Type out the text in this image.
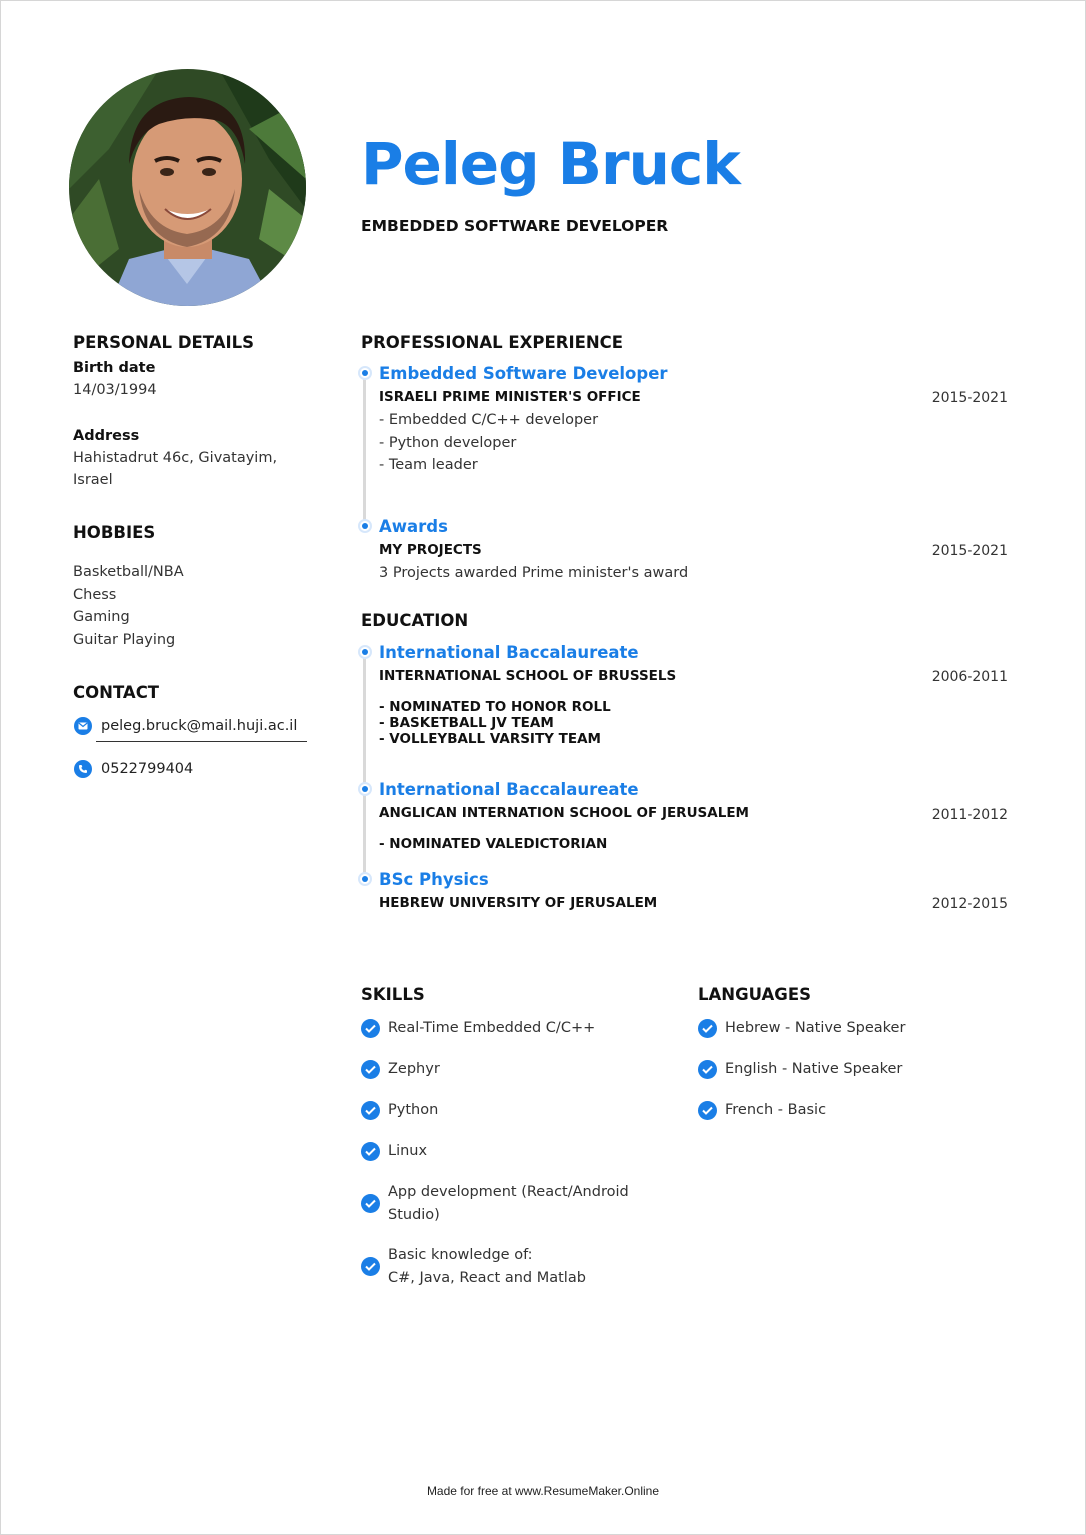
Peleg Bruck
EMBEDDED SOFTWARE DEVELOPER
PERSONAL DETAILS
Birth date
14/03/1994
Address
Hahistadrut 46c, Givatayim,
Israel
HOBBIES
Basketball/NBA
Chess
Gaming
Guitar Playing
CONTACT
peleg.bruck@mail.huji.ac.il
0522799404
PROFESSIONAL EXPERIENCE
Embedded Software Developer
ISRAELI PRIME MINISTER'S OFFICE	2015-2021
- Embedded C/C++ developer
- Python developer
- Team leader
Awards
MY PROJECTS	2015-2021
3 Projects awarded Prime minister's award
EDUCATION
International Baccalaureate
INTERNATIONAL SCHOOL OF BRUSSELS	2006-2011
- NOMINATED TO HONOR ROLL
- BASKETBALL JV TEAM
- VOLLEYBALL VARSITY TEAM
International Baccalaureate
ANGLICAN INTERNATION SCHOOL OF JERUSALEM	2011-2012
- NOMINATED VALEDICTORIAN
BSc Physics
HEBREW UNIVERSITY OF JERUSALEM	2012-2015
SKILLS
Real-Time Embedded C/C++
Zephyr
Python
Linux
App development (React/Android
Studio)
Basic knowledge of:
C#, Java, React and Matlab
LANGUAGES
Hebrew - Native Speaker
English - Native Speaker
French - Basic
Made for free at www.ResumeMaker.Online
